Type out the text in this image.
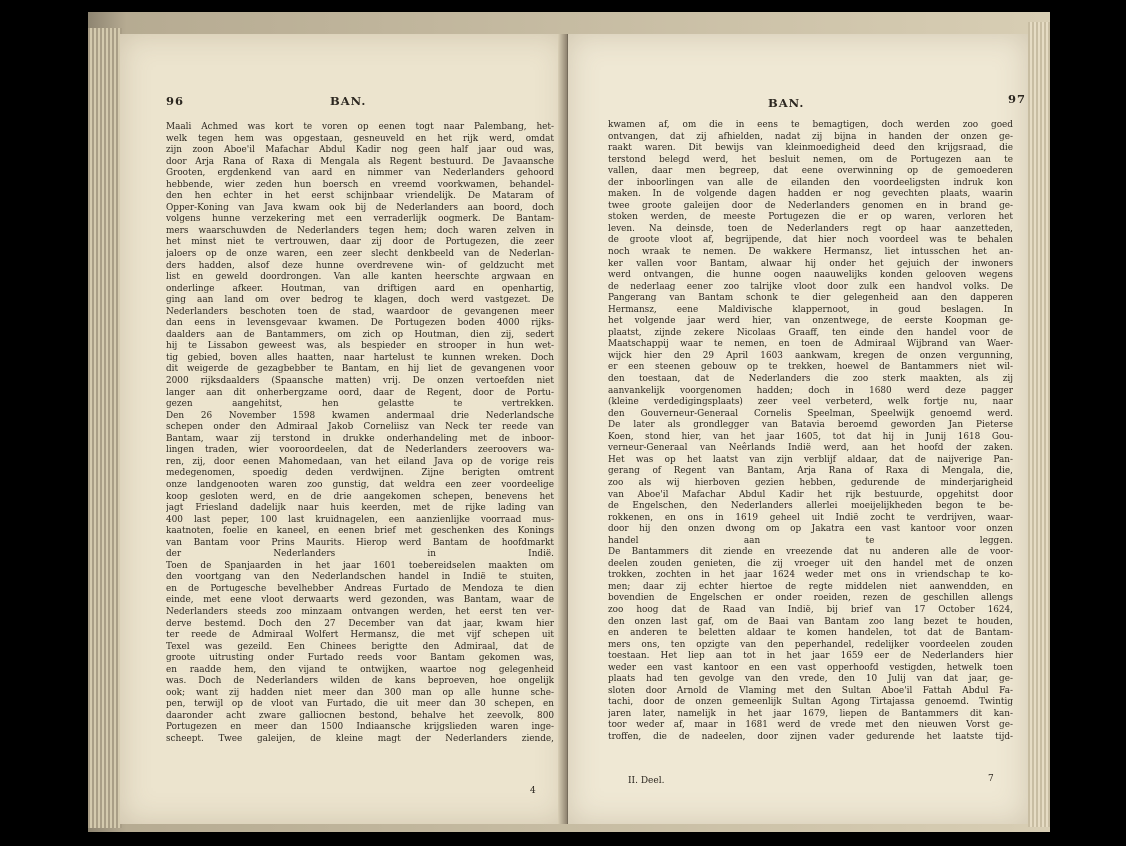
96	BAN.
Maali Achmed was kort te voren op eenen togt naar Palembang, het-
welk tegen hem was opgestaan, gesneuveld en het rijk werd, omdat
zijn zoon Aboe'il Mafachar Abdul Kadir nog geen half jaar oud was,
door Arja Rana of Raxa di Mengala als Regent bestuurd. De Javaansche
Grooten, ergdenkend van aard en nimmer van Nederlanders gehoord
hebbende, wier zeden hun boersch en vreemd voorkwamen, behandel-
den hen echter in het eerst schijnbaar vriendelijk. De Mataram of
Opper-Koning van Java kwam ook bij de Nederlanders aan boord, doch
volgens hunne verzekering met een verraderlijk oogmerk. De Bantam-
mers waarschuwden de Nederlanders tegen hem; doch waren zelven in
het minst niet te vertrouwen, daar zij door de Portugezen, die zeer
jaloers op de onze waren, een zeer slecht denkbeeld van de Nederlan-
ders hadden, alsof deze hunne overdrevene win- of geldzucht met
list en geweld doordrongen. Van alle kanten heerschte argwaan en
onderlinge afkeer. Houtman, van driftigen aard en openhartig,
ging aan land om over bedrog te klagen, doch werd vastgezet. De
Nederlanders beschoten toen de stad, waardoor de gevangenen meer
dan eens in levensgevaar kwamen. De Portugezen boden 4000 rijks-
daalders aan de Bantammers, om zich op Houtman, dien zij, sedert
hij te Lissabon geweest was, als bespieder en strooper in hun wet-
tig gebied, boven alles haatten, naar hartelust te kunnen wreken. Doch
dit weigerde de gezagbebber te Bantam, en hij liet de gevangenen voor
2000 rijksdaalders (Spaansche matten) vrij. De onzen vertoefden niet
langer aan dit onherbergzame oord, daar de Regent, door de Portu-
gezen aangehitst, hen gelastte te vertrekken.
Den 26 November 1598 kwamen andermaal drie Nederlandsche
schepen onder den Admiraal Jakob Corneliisz van Neck ter reede van
Bantam, waar zij terstond in drukke onderhandeling met de inboor-
lingen traden, wier vooroordeelen, dat de Nederlanders zeeroovers wa-
ren, zij, door eenen Mahomedaan, van het eiland Java op de vorige reis
medegenomen, spoedig deden verdwijnen. Zijne berigten omtrent
onze landgenooten waren zoo gunstig, dat weldra een zeer voordeelige
koop gesloten werd, en de drie aangekomen schepen, benevens het
jagt Friesland dadelijk naar huis keerden, met de rijke lading van
400 last peper, 100 last kruidnagelen, een aanzienlijke voorraad mus-
kaatnoten, foelie en kaneel, en eenen brief met geschenken des Konings
van Bantam voor Prins Maurits. Hierop werd Bantam de hoofdmarkt
der Nederlanders in Indië.
Toen de Spanjaarden in het jaar 1601 toebereidselen maakten om
den voortgang van den Nederlandschen handel in Indië te stuiten,
en de Portugesche bevelhebber Andreas Furtado de Mendoza te dien
einde, met eene vloot derwaarts werd gezonden, was Bantam, waar de
Nederlanders steeds zoo minzaam ontvangen werden, het eerst ten ver-
derve bestemd. Doch den 27 December van dat jaar, kwam hier
ter reede de Admiraal Wolfert Hermansz, die met vijf schepen uit
Texel was gezeild. Een Chinees berigtte den Admiraal, dat de
groote uitrusting onder Furtado reeds voor Bantam gekomen was,
en raadde hem, den vijand te ontwijken, waartoe nog gelegenheid
was. Doch de Nederlanders wilden de kans beproeven, hoe ongelijk
ook; want zij hadden niet meer dan 300 man op alle hunne sche-
pen, terwijl op de vloot van Furtado, die uit meer dan 30 schepen, en
daaronder acht zware galliocnen bestond, behalve het zeevolk, 800
Portugezen en meer dan 1500 Indiaansche krijgslieden waren inge-
scheept. Twee galeijen, de kleine magt der Nederlanders ziende,
4
BAN.	97
kwamen af, om die in eens te bemagtigen, doch werden zoo goed
ontvangen, dat zij afhielden, nadat zij bijna in handen der onzen ge-
raakt waren. Dit bewijs van kleinmoedigheid deed den krijgsraad, die
terstond belegd werd, het besluit nemen, om de Portugezen aan te
vallen, daar men begreep, dat eene overwinning op de gemoederen
der inboorlingen van alle de eilanden den voordeeligsten indruk kon
maken. In de volgende dagen hadden er nog gevechten plaats, waarin
twee groote galeijen door de Nederlanders genomen en in brand ge-
stoken werden, de meeste Portugezen die er op waren, verloren het
leven. Na deinsde, toen de Nederlanders regt op haar aanzetteden,
de groote vloot af, begrijpende, dat hier noch voordeel was te behalen
noch wraak te nemen. De wakkere Hermansz, liet intusschen het an-
ker vallen voor Bantam, alwaar hij onder het gejuich der inwoners
werd ontvangen, die hunne oogen naauwelijks konden gelooven wegens
de nederlaag eener zoo talrijke vloot door zulk een handvol volks. De
Pangerang van Bantam schonk te dier gelegenheid aan den dapperen
Hermansz, eene Maldivische klappernoot, in goud beslagen. In
het volgende jaar werd hier, van onzentwege, de eerste Koopman ge-
plaatst, zijnde zekere Nicolaas Graaff, ten einde den handel voor de
Maatschappij waar te nemen, en toen de Admiraal Wijbrand van Waer-
wijck hier den 29 April 1603 aankwam, kregen de onzen vergunning,
er een steenen gebouw op te trekken, hoewel de Bantammers niet wil-
den toestaan, dat de Nederlanders die zoo sterk maakten, als zij
aanvankelijk voorgenomen hadden; doch in 1680 werd deze pagger
(kleine verdedigingsplaats) zeer veel verbeterd, welk fortje nu, naar
den Gouverneur-Generaal Cornelis Speelman, Speelwijk genoemd werd.
De later als grondlegger van Batavia beroemd geworden Jan Pieterse
Koen, stond hier, van het jaar 1605, tot dat hij in Junij 1618 Gou-
verneur-Generaal van Neêrlands Indië werd, aan het hoofd der zaken.
Het was op het laatst van zijn verblijf aldaar, dat de naijverige Pan-
gerang of Regent van Bantam, Arja Rana of Raxa di Mengala, die,
zoo als wij hierboven gezien hebben, gedurende de minderjarigheid
van Aboe'il Mafachar Abdul Kadir het rijk bestuurde, opgehitst door
de Engelschen, den Nederlanders allerlei moeijelijkheden begon te be-
rokkenen, en ons in 1619 geheel uit Indië zocht te verdrijven, waar-
door hij den onzen dwong om op Jakatra een vast kantoor voor onzen
handel aan te leggen.
De Bantammers dit ziende en vreezende dat nu anderen alle de voor-
deelen zouden genieten, die zij vroeger uit den handel met de onzen
trokken, zochten in het jaar 1624 weder met ons in vriendschap te ko-
men; daar zij echter hiertoe de regte middelen niet aanwendden, en
bovendien de Engelschen er onder roeiden, rezen de geschillen allengs
zoo hoog dat de Raad van Indië, bij brief van 17 October 1624,
den onzen last gaf, om de Baai van Bantam zoo lang bezet te houden,
en anderen te beletten aldaar te komen handelen, tot dat de Bantam-
mers ons, ten opzigte van den peperhandel, redelijker voordeelen zouden
toestaan. Het liep aan tot in het jaar 1659 eer de Nederlanders hier
weder een vast kantoor en een vast opperhoofd vestigden, hetwelk toen
plaats had ten gevolge van den vrede, den 10 Julij van dat jaar, ge-
sloten door Arnold de Vlaming met den Sultan Aboe'il Fattah Abdul Fa-
tachi, door de onzen gemeenlijk Sultan Agong Tirtajassa genoemd. Twintig
jaren later, namelijk in het jaar 1679, liepen de Bantammers dit kan-
toor weder af, maar in 1681 werd de vrede met den nieuwen Vorst ge-
troffen, die de nadeelen, door zijnen vader gedurende het laatste tijd-
II. Deel.	7
